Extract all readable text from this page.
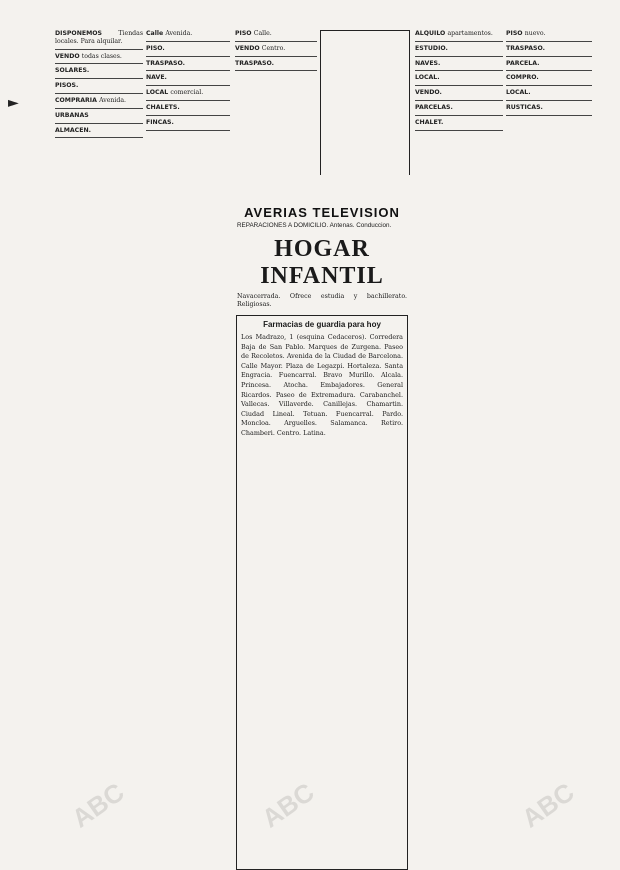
►
DISPONEMOS Tiendas locales. Para alquilar.
VENDO todas clases.
SOLARES.
PISOS.
COMPRARIA Avenida.
URBANAS
ALMACEN.
Calle Avenida.
PISO.
TRASPASO.
NAVE.
LOCAL comercial.
CHALETS.
FINCAS.
PISO Calle.
VENDO Centro.
TRASPASO.
AVERIAS TELEVISION
REPARACIONES A DOMICILIO. Antenas. Conduccion.
HOGAR INFANTIL
Navacerrada. Ofrece estudia y bachillerato. Religiosas.
Farmacias de guardia para hoy
Los Madrazo, 1 (esquina Cedaceros). Corredera Baja de San Pablo. Marques de Zurgena. Paseo de Recoletos. Avenida de la Ciudad de Barcelona. Calle Mayor. Plaza de Legazpi. Hortaleza. Santa Engracia. Fuencarral. Bravo Murillo. Alcala. Princesa. Atocha. Embajadores. General Ricardos. Paseo de Extremadura. Carabanchel. Vallecas. Villaverde. Canillejas. Chamartin. Ciudad Lineal. Tetuan. Fuencarral. Pardo. Moncloa. Arguelles. Salamanca. Retiro. Chamberi. Centro. Latina.
ALQUILO apartamentos.
ESTUDIO.
NAVES.
LOCAL.
VENDO.
PARCELAS.
CHALET.
PISO nuevo.
TRASPASO.
PARCELA.
COMPRO.
LOCAL.
RUSTICAS.
ABC	ABC	ABC
